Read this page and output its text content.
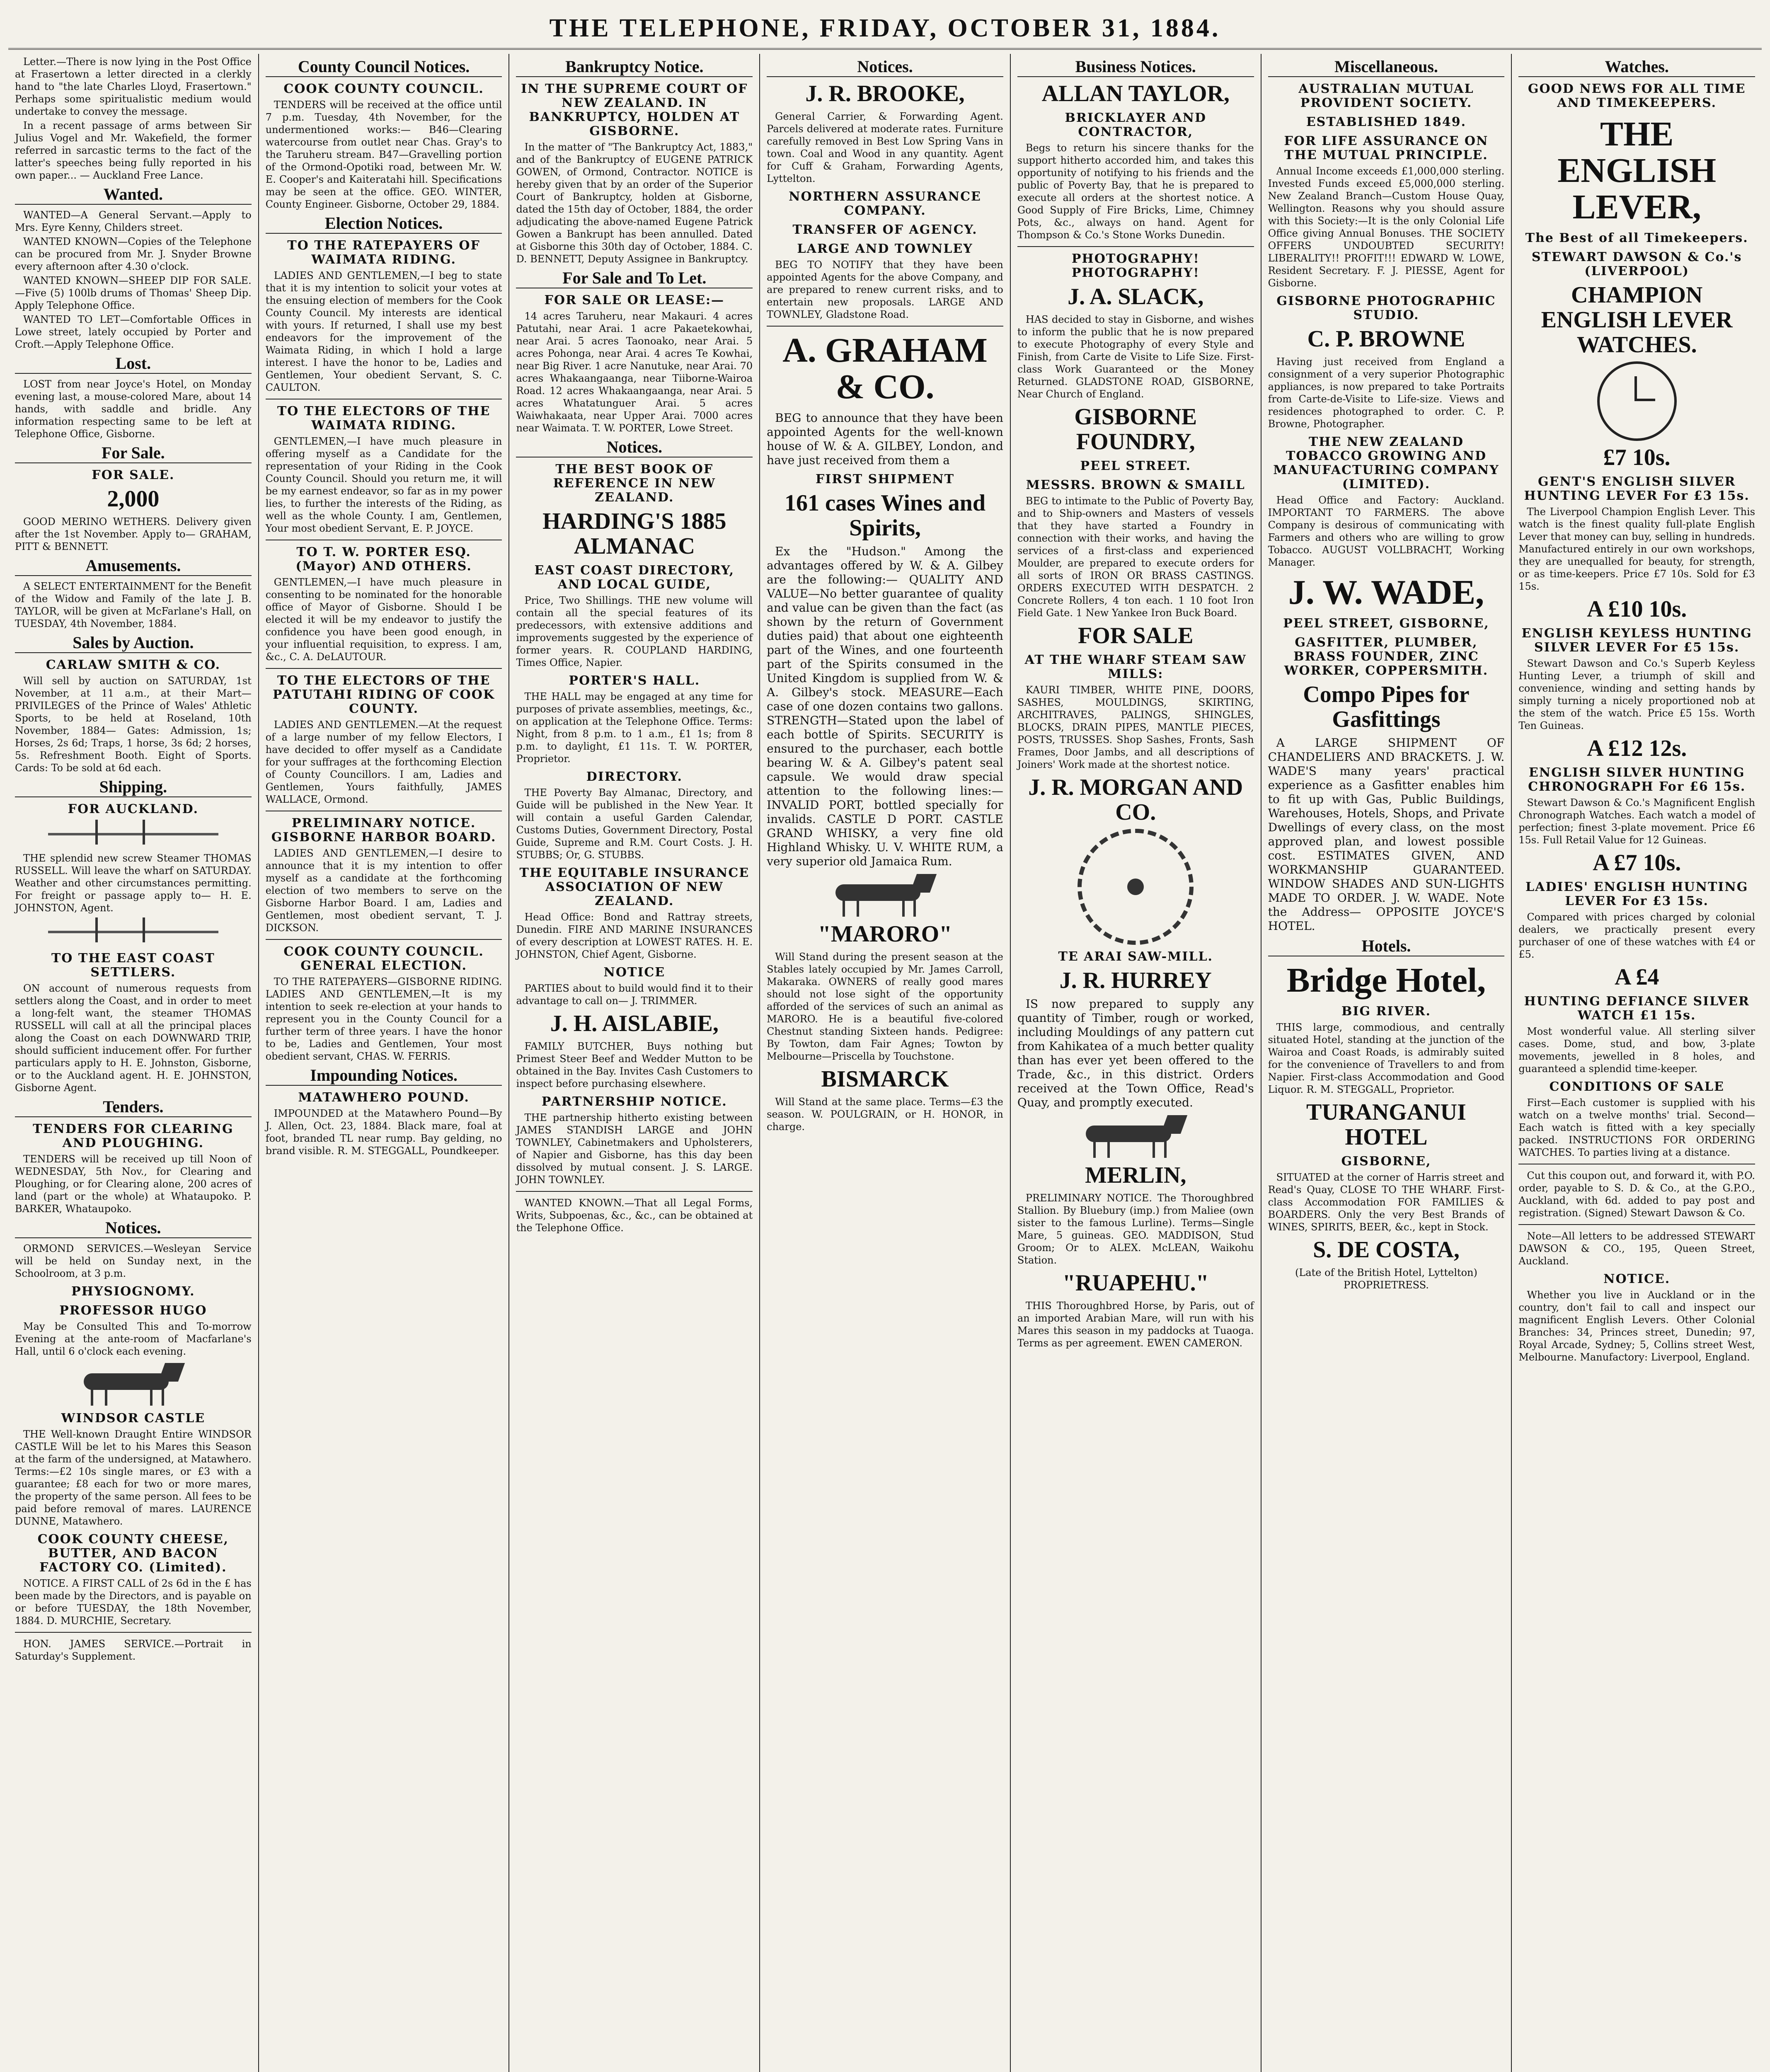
THE TELEPHONE, FRIDAY, OCTOBER 31, 1884.

Letter.—There is now lying in the Post Office at Frasertown a letter directed in a clerkly hand to "the late Charles Lloyd, Frasertown." Perhaps some spiritualistic medium would undertake to convey the message.

In a recent passage of arms between Sir Julius Vogel and Mr. Wakefield, the former referred in sarcastic terms to the fact of the latter's speeches being fully reported in his own paper... — Auckland Free Lance.

Wanted.

WANTED—A General Servant.—Apply to Mrs. Eyre Kenny, Childers street.

WANTED KNOWN—Copies of the Telephone can be procured from Mr. J. Snyder Browne every afternoon after 4.30 o'clock.

WANTED KNOWN—SHEEP DIP FOR SALE.—Five (5) 100lb drums of Thomas' Sheep Dip. Apply Telephone Office.

WANTED TO LET—Comfortable Offices in Lowe street, lately occupied by Porter and Croft.—Apply Telephone Office.

Lost.

LOST from near Joyce's Hotel, on Monday evening last, a mouse-colored Mare, about 14 hands, with saddle and bridle. Any information respecting same to be left at Telephone Office, Gisborne.

For Sale.
FOR SALE.
2,000

GOOD MERINO WETHERS. Delivery given after the 1st November. Apply to— GRAHAM, PITT & BENNETT.

Amusements.

A SELECT ENTERTAINMENT for the Benefit of the Widow and Family of the late J. B. TAYLOR, will be given at McFarlane's Hall, on TUESDAY, 4th November, 1884.

Sales by Auction.
CARLAW SMITH & CO.

Will sell by auction on SATURDAY, 1st November, at 11 a.m., at their Mart— PRIVILEGES of the Prince of Wales' Athletic Sports, to be held at Roseland, 10th November, 1884— Gates: Admission, 1s; Horses, 2s 6d; Traps, 1 horse, 3s 6d; 2 horses, 5s. Refreshment Booth. Eight of Sports. Cards: To be sold at 6d each.

Shipping.
FOR AUCKLAND.

THE splendid new screw Steamer THOMAS RUSSELL. Will leave the wharf on SATURDAY. Weather and other circumstances permitting. For freight or passage apply to— H. E. JOHNSTON, Agent.

TO THE EAST COAST SETTLERS.

ON account of numerous requests from settlers along the Coast, and in order to meet a long-felt want, the steamer THOMAS RUSSELL will call at all the principal places along the Coast on each DOWNWARD TRIP, should sufficient inducement offer. For further particulars apply to H. E. Johnston, Gisborne, or to the Auckland agent. H. E. JOHNSTON, Gisborne Agent.

Tenders.
TENDERS FOR CLEARING AND PLOUGHING.

TENDERS will be received up till Noon of WEDNESDAY, 5th Nov., for Clearing and Ploughing, or for Clearing alone, 200 acres of land (part or the whole) at Whataupoko. P. BARKER, Whataupoko.

Notices.

ORMOND SERVICES.—Wesleyan Service will be held on Sunday next, in the Schoolroom, at 3 p.m.

PHYSIOGNOMY.
PROFESSOR HUGO

May be Consulted This and To-morrow Evening at the ante-room of Macfarlane's Hall, until 6 o'clock each evening.

WINDSOR CASTLE

THE Well-known Draught Entire WINDSOR CASTLE Will be let to his Mares this Season at the farm of the undersigned, at Matawhero. Terms:—£2 10s single mares, or £3 with a guarantee; £8 each for two or more mares, the property of the same person. All fees to be paid before removal of mares. LAURENCE DUNNE, Matawhero.

COOK COUNTY CHEESE, BUTTER, AND BACON FACTORY CO. (Limited).

NOTICE. A FIRST CALL of 2s 6d in the £ has been made by the Directors, and is payable on or before TUESDAY, the 18th November, 1884. D. MURCHIE, Secretary.

HON. JAMES SERVICE.—Portrait in Saturday's Supplement.

County Council Notices.
COOK COUNTY COUNCIL.

TENDERS will be received at the office until 7 p.m. Tuesday, 4th November, for the undermentioned works:— B46—Clearing watercourse from outlet near Chas. Gray's to the Taruheru stream. B47—Gravelling portion of the Ormond-Opotiki road, between Mr. W. E. Cooper's and Kaiteratahi hill. Specifications may be seen at the office. GEO. WINTER, County Engineer. Gisborne, October 29, 1884.

Election Notices.
TO THE RATEPAYERS OF WAIMATA RIDING.

LADIES AND GENTLEMEN,—I beg to state that it is my intention to solicit your votes at the ensuing election of members for the Cook County Council. My interests are identical with yours. If returned, I shall use my best endeavors for the improvement of the Waimata Riding, in which I hold a large interest. I have the honor to be, Ladies and Gentlemen, Your obedient Servant, S. C. CAULTON.

TO THE ELECTORS OF THE WAIMATA RIDING.

GENTLEMEN,—I have much pleasure in offering myself as a Candidate for the representation of your Riding in the Cook County Council. Should you return me, it will be my earnest endeavor, so far as in my power lies, to further the interests of the Riding, as well as the whole County. I am, Gentlemen, Your most obedient Servant, E. P. JOYCE.

TO T. W. PORTER ESQ. (Mayor) AND OTHERS.

GENTLEMEN,—I have much pleasure in consenting to be nominated for the honorable office of Mayor of Gisborne. Should I be elected it will be my endeavor to justify the confidence you have been good enough, in your influential requisition, to express. I am, &c., C. A. DeLAUTOUR.

TO THE ELECTORS OF THE PATUTAHI RIDING OF COOK COUNTY.

LADIES AND GENTLEMEN.—At the request of a large number of my fellow Electors, I have decided to offer myself as a Candidate for your suffrages at the forthcoming Election of County Councillors. I am, Ladies and Gentlemen, Yours faithfully, JAMES WALLACE, Ormond.

PRELIMINARY NOTICE. GISBORNE HARBOR BOARD.

LADIES AND GENTLEMEN,—I desire to announce that it is my intention to offer myself as a candidate at the forthcoming election of two members to serve on the Gisborne Harbor Board. I am, Ladies and Gentlemen, most obedient servant, T. J. DICKSON.

COOK COUNTY COUNCIL. GENERAL ELECTION.

TO THE RATEPAYERS—GISBORNE RIDING. LADIES AND GENTLEMEN,—It is my intention to seek re-election at your hands to represent you in the County Council for a further term of three years. I have the honor to be, Ladies and Gentlemen, Your most obedient servant, CHAS. W. FERRIS.

Impounding Notices.
MATAWHERO POUND.

IMPOUNDED at the Matawhero Pound—By J. Allen, Oct. 23, 1884. Black mare, foal at foot, branded TL near rump. Bay gelding, no brand visible. R. M. STEGGALL, Poundkeeper.

Bankruptcy Notice.
IN THE SUPREME COURT OF NEW ZEALAND. IN BANKRUPTCY, HOLDEN AT GISBORNE.

In the matter of "The Bankruptcy Act, 1883," and of the Bankruptcy of EUGENE PATRICK GOWEN, of Ormond, Contractor. NOTICE is hereby given that by an order of the Superior Court of Bankruptcy, holden at Gisborne, dated the 15th day of October, 1884, the order adjudicating the above-named Eugene Patrick Gowen a Bankrupt has been annulled. Dated at Gisborne this 30th day of October, 1884. C. D. BENNETT, Deputy Assignee in Bankruptcy.

For Sale and To Let.
FOR SALE OR LEASE:—

14 acres Taruheru, near Makauri. 4 acres Patutahi, near Arai. 1 acre Pakaetekowhai, near Arai. 5 acres Taonoako, near Arai. 5 acres Pohonga, near Arai. 4 acres Te Kowhai, near Big River. 1 acre Nanutuke, near Arai. 70 acres Whakaangaanga, near Tiiborne-Wairoa Road. 12 acres Whakaangaanga, near Arai. 5 acres Whatatunguer Arai. 5 acres Waiwhakaata, near Upper Arai. 7000 acres near Waimata. T. W. PORTER, Lowe Street.

Notices.
THE BEST BOOK OF REFERENCE IN NEW ZEALAND.
HARDING'S 1885 ALMANAC
EAST COAST DIRECTORY, AND LOCAL GUIDE,

Price, Two Shillings. THE new volume will contain all the special features of its predecessors, with extensive additions and improvements suggested by the experience of former years. R. COUPLAND HARDING, Times Office, Napier.

PORTER'S HALL.

THE HALL may be engaged at any time for purposes of private assemblies, meetings, &c., on application at the Telephone Office. Terms: Night, from 8 p.m. to 1 a.m., £1 1s; from 8 p.m. to daylight, £1 11s. T. W. PORTER, Proprietor.

DIRECTORY.

THE Poverty Bay Almanac, Directory, and Guide will be published in the New Year. It will contain a useful Garden Calendar, Customs Duties, Government Directory, Postal Guide, Supreme and R.M. Court Costs. J. H. STUBBS; Or, G. STUBBS.

THE EQUITABLE INSURANCE ASSOCIATION OF NEW ZEALAND.

Head Office: Bond and Rattray streets, Dunedin. FIRE AND MARINE INSURANCES of every description at LOWEST RATES. H. E. JOHNSTON, Chief Agent, Gisborne.

NOTICE

PARTIES about to build would find it to their advantage to call on— J. TRIMMER.

J. H. AISLABIE,

FAMILY BUTCHER, Buys nothing but Primest Steer Beef and Wedder Mutton to be obtained in the Bay. Invites Cash Customers to inspect before purchasing elsewhere.

PARTNERSHIP NOTICE.

THE partnership hitherto existing between JAMES STANDISH LARGE and JOHN TOWNLEY, Cabinetmakers and Upholsterers, of Napier and Gisborne, has this day been dissolved by mutual consent. J. S. LARGE. JOHN TOWNLEY.

WANTED KNOWN.—That all Legal Forms, Writs, Subpoenas, &c., &c., can be obtained at the Telephone Office.

Notices.
J. R. BROOKE,

General Carrier, & Forwarding Agent. Parcels delivered at moderate rates. Furniture carefully removed in Best Low Spring Vans in town. Coal and Wood in any quantity. Agent for Cuff & Graham, Forwarding Agents, Lyttelton.

NORTHERN ASSURANCE COMPANY.
TRANSFER OF AGENCY.
LARGE AND TOWNLEY

BEG TO NOTIFY that they have been appointed Agents for the above Company, and are prepared to renew current risks, and to entertain new proposals. LARGE AND TOWNLEY, Gladstone Road.

A. GRAHAM & CO.

BEG to announce that they have been appointed Agents for the well-known house of W. & A. GILBEY, London, and have just received from them a

FIRST SHIPMENT
161 cases Wines and Spirits,

Ex the "Hudson." Among the advantages offered by W. & A. Gilbey are the following:— QUALITY AND VALUE—No better guarantee of quality and value can be given than the fact (as shown by the return of Government duties paid) that about one eighteenth part of the Wines, and one fourteenth part of the Spirits consumed in the United Kingdom is supplied from W. & A. Gilbey's stock. MEASURE—Each case of one dozen contains two gallons. STRENGTH—Stated upon the label of each bottle of Spirits. SECURITY is ensured to the purchaser, each bottle bearing W. & A. Gilbey's patent seal capsule. We would draw special attention to the following lines:— INVALID PORT, bottled specially for invalids. CASTLE D PORT. CASTLE GRAND WHISKY, a very fine old Highland Whisky. U. V. WHITE RUM, a very superior old Jamaica Rum.

"MARORO"

Will Stand during the present season at the Stables lately occupied by Mr. James Carroll, Makaraka. OWNERS of really good mares should not lose sight of the opportunity afforded of the services of such an animal as MARORO. He is a beautiful five-colored Chestnut standing Sixteen hands. Pedigree: By Towton, dam Fair Agnes; Towton by Melbourne—Priscella by Touchstone.

BISMARCK

Will Stand at the same place. Terms—£3 the season. W. POULGRAIN, or H. HONOR, in charge.

Business Notices.
ALLAN TAYLOR,
BRICKLAYER AND CONTRACTOR,

Begs to return his sincere thanks for the support hitherto accorded him, and takes this opportunity of notifying to his friends and the public of Poverty Bay, that he is prepared to execute all orders at the shortest notice. A Good Supply of Fire Bricks, Lime, Chimney Pots, &c., always on hand. Agent for Thompson & Co.'s Stone Works Dunedin.

PHOTOGRAPHY! PHOTOGRAPHY!
J. A. SLACK,

HAS decided to stay in Gisborne, and wishes to inform the public that he is now prepared to execute Photography of every Style and Finish, from Carte de Visite to Life Size. First-class Work Guaranteed or the Money Returned. GLADSTONE ROAD, GISBORNE, Near Church of England.

GISBORNE FOUNDRY,
PEEL STREET.
MESSRS. BROWN & SMAILL

BEG to intimate to the Public of Poverty Bay, and to Ship-owners and Masters of vessels that they have started a Foundry in connection with their works, and having the services of a first-class and experienced Moulder, are prepared to execute orders for all sorts of IRON OR BRASS CASTINGS. ORDERS EXECUTED WITH DESPATCH. 2 Concrete Rollers, 4 ton each. 1 10 foot Iron Field Gate. 1 New Yankee Iron Buck Board.

FOR SALE
AT THE WHARF STEAM SAW MILLS:

KAURI TIMBER, WHITE PINE, DOORS, SASHES, MOULDINGS, SKIRTING, ARCHITRAVES, PALINGS, SHINGLES, BLOCKS, DRAIN PIPES, MANTLE PIECES, POSTS, TRUSSES. Shop Sashes, Fronts, Sash Frames, Door Jambs, and all descriptions of Joiners' Work made at the shortest notice.

J. R. MORGAN AND CO.
TE ARAI SAW-MILL.
J. R. HURREY

IS now prepared to supply any quantity of Timber, rough or worked, including Mouldings of any pattern cut from Kahikatea of a much better quality than has ever yet been offered to the Trade, &c., in this district. Orders received at the Town Office, Read's Quay, and promptly executed.

MERLIN,

PRELIMINARY NOTICE. The Thoroughbred Stallion. By Bluebury (imp.) from Maliee (own sister to the famous Lurline). Terms—Single Mare, 5 guineas. GEO. MADDISON, Stud Groom; Or to ALEX. McLEAN, Waikohu Station.

"RUAPEHU."

THIS Thoroughbred Horse, by Paris, out of an imported Arabian Mare, will run with his Mares this season in my paddocks at Tuaoga. Terms as per agreement. EWEN CAMERON.

Miscellaneous.
AUSTRALIAN MUTUAL PROVIDENT SOCIETY.
ESTABLISHED 1849.
FOR LIFE ASSURANCE ON THE MUTUAL PRINCIPLE.

Annual Income exceeds £1,000,000 sterling. Invested Funds exceed £5,000,000 sterling. New Zealand Branch—Custom House Quay, Wellington. Reasons why you should assure with this Society:—It is the only Colonial Life Office giving Annual Bonuses. THE SOCIETY OFFERS UNDOUBTED SECURITY! LIBERALITY!! PROFIT!!! EDWARD W. LOWE, Resident Secretary. F. J. PIESSE, Agent for Gisborne.

GISBORNE PHOTOGRAPHIC STUDIO.
C. P. BROWNE

Having just received from England a consignment of a very superior Photographic appliances, is now prepared to take Portraits from Carte-de-Visite to Life-size. Views and residences photographed to order. C. P. Browne, Photographer.

THE NEW ZEALAND TOBACCO GROWING AND MANUFACTURING COMPANY (LIMITED).

Head Office and Factory: Auckland. IMPORTANT TO FARMERS. The above Company is desirous of communicating with Farmers and others who are willing to grow Tobacco. AUGUST VOLLBRACHT, Working Manager.

J. W. WADE,
PEEL STREET, GISBORNE,
GASFITTER, PLUMBER, BRASS FOUNDER, ZINC WORKER, COPPERSMITH.
Compo Pipes for Gasfittings

A LARGE SHIPMENT OF CHANDELIERS AND BRACKETS. J. W. WADE'S many years' practical experience as a Gasfitter enables him to fit up with Gas, Public Buildings, Warehouses, Hotels, Shops, and Private Dwellings of every class, on the most approved plan, and lowest possible cost. ESTIMATES GIVEN, AND WORKMANSHIP GUARANTEED. WINDOW SHADES AND SUN-LIGHTS MADE TO ORDER. J. W. WADE. Note the Address— OPPOSITE JOYCE'S HOTEL.

Hotels.
Bridge Hotel,
BIG RIVER.

THIS large, commodious, and centrally situated Hotel, standing at the junction of the Wairoa and Coast Roads, is admirably suited for the convenience of Travellers to and from Napier. First-class Accommodation and Good Liquor. R. M. STEGGALL, Proprietor.

TURANGANUI HOTEL
GISBORNE,

SITUATED at the corner of Harris street and Read's Quay, CLOSE TO THE WHARF. First-class Accommodation FOR FAMILIES & BOARDERS. Only the very Best Brands of WINES, SPIRITS, BEER, &c., kept in Stock.

S. DE COSTA,

(Late of the British Hotel, Lyttelton) PROPRIETRESS.

Watches.
GOOD NEWS FOR ALL TIME AND TIMEKEEPERS.
THE ENGLISH LEVER,
The Best of all Timekeepers.
STEWART DAWSON & Co.'s (LIVERPOOL)
CHAMPION ENGLISH LEVER WATCHES.
£7 10s.
GENT'S ENGLISH SILVER HUNTING LEVER For £3 15s.

The Liverpool Champion English Lever. This watch is the finest quality full-plate English Lever that money can buy, selling in hundreds. Manufactured entirely in our own workshops, they are unequalled for beauty, for strength, or as time-keepers. Price £7 10s. Sold for £3 15s.

A £10 10s.
ENGLISH KEYLESS HUNTING SILVER LEVER For £5 15s.

Stewart Dawson and Co.'s Superb Keyless Hunting Lever, a triumph of skill and convenience, winding and setting hands by simply turning a nicely proportioned nob at the stem of the watch. Price £5 15s. Worth Ten Guineas.

A £12 12s.
ENGLISH SILVER HUNTING CHRONOGRAPH For £6 15s.

Stewart Dawson & Co.'s Magnificent English Chronograph Watches. Each watch a model of perfection; finest 3-plate movement. Price £6 15s. Full Retail Value for 12 Guineas.

A £7 10s.
LADIES' ENGLISH HUNTING LEVER For £3 15s.

Compared with prices charged by colonial dealers, we practically present every purchaser of one of these watches with £4 or £5.

A £4
HUNTING DEFIANCE SILVER WATCH £1 15s.

Most wonderful value. All sterling silver cases. Dome, stud, and bow, 3-plate movements, jewelled in 8 holes, and guaranteed a splendid time-keeper.

CONDITIONS OF SALE

First—Each customer is supplied with his watch on a twelve months' trial. Second—Each watch is fitted with a key specially packed. INSTRUCTIONS FOR ORDERING WATCHES. To parties living at a distance.

Cut this coupon out, and forward it, with P.O. order, payable to S. D. & Co., at the G.P.O., Auckland, with 6d. added to pay post and registration. (Signed) Stewart Dawson & Co.

Note—All letters to be addressed STEWART DAWSON & CO., 195, Queen Street, Auckland.

NOTICE.

Whether you live in Auckland or in the country, don't fail to call and inspect our magnificent English Levers. Other Colonial Branches: 34, Princes street, Dunedin; 97, Royal Arcade, Sydney; 5, Collins street West, Melbourne. Manufactory: Liverpool, England.
